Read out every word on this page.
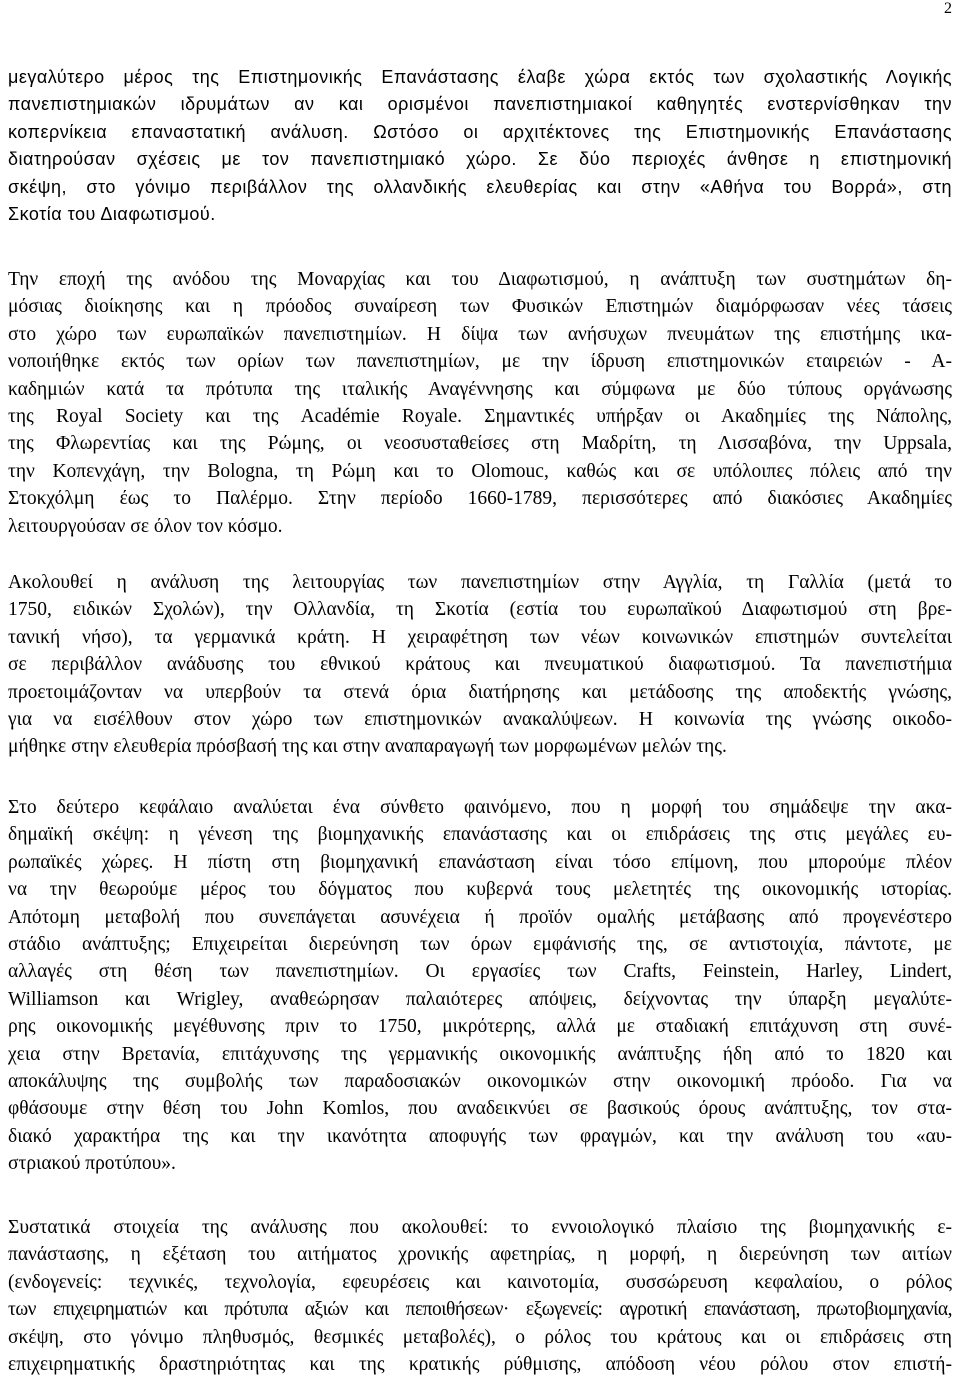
2
μεγαλύτερο μέρος της Επιστημονικής Επανάστασης έλαβε χώρα εκτός των σχολαστικής Λογικής
πανεπιστημιακών ιδρυμάτων αν και ορισμένοι πανεπιστημιακοί καθηγητές ενστερνίσθηκαν την
κοπερνίκεια επαναστατική ανάλυση. Ωστόσο οι αρχιτέκτονες της Επιστημονικής Επανάστασης
διατηρούσαν σχέσεις με τον πανεπιστημιακό χώρο. Σε δύο περιοχές άνθησε η επιστημονική
σκέψη, στο γόνιμο περιβάλλον της ολλανδικής ελευθερίας και στην «Αθήνα του Βορρά», στη
Σκοτία του Διαφωτισμού.
Την εποχή της ανόδου της Μοναρχίας και του Διαφωτισμού, η ανάπτυξη των συστημάτων δη-
μόσιας διοίκησης και η πρόοδος συναίρεση των Φυσικών Επιστημών διαμόρφωσαν νέες τάσεις
στο χώρο των ευρωπαϊκών πανεπιστημίων. Η δίψα των ανήσυχων πνευμάτων της επιστήμης ικα-
νοποιήθηκε εκτός των ορίων των πανεπιστημίων, με την ίδρυση επιστημονικών εταιρειών - Α-
καδημιών κατά τα πρότυπα της ιταλικής Αναγέννησης και σύμφωνα με δύο τύπους οργάνωσης
της Royal Society και της Académie Royale. Σημαντικές υπήρξαν οι Ακαδημίες της Νάπολης,
της Φλωρεντίας και της Ρώμης, οι νεοσυσταθείσες στη Μαδρίτη, τη Λισσαβόνα, την Uppsala,
την Κοπενχάγη, την Bologna, τη Ρώμη και το Olomouc, καθώς και σε υπόλοιπες πόλεις από την
Στοκχόλμη έως το Παλέρμο. Στην περίοδο 1660-1789, περισσότερες από διακόσιες Ακαδημίες
λειτουργούσαν σε όλον τον κόσμο.
Ακολουθεί η ανάλυση της λειτουργίας των πανεπιστημίων στην Αγγλία, τη Γαλλία (μετά το
1750, ειδικών Σχολών), την Ολλανδία, τη Σκοτία (εστία του ευρωπαϊκού Διαφωτισμού στη βρε-
τανική νήσο), τα γερμανικά κράτη. Η χειραφέτηση των νέων κοινωνικών επιστημών συντελείται
σε περιβάλλον ανάδυσης του εθνικού κράτους και πνευματικού διαφωτισμού. Τα πανεπιστήμια
προετοιμάζονταν να υπερβούν τα στενά όρια διατήρησης και μετάδοσης της αποδεκτής γνώσης,
για να εισέλθουν στον χώρο των επιστημονικών ανακαλύψεων. Η κοινωνία της γνώσης οικοδο-
μήθηκε στην ελευθερία πρόσβασή της και στην αναπαραγωγή των μορφωμένων μελών της.
Στο δεύτερο κεφάλαιο αναλύεται ένα σύνθετο φαινόμενο, που η μορφή του σημάδεψε την ακα-
δημαϊκή σκέψη: η γένεση της βιομηχανικής επανάστασης και οι επιδράσεις της στις μεγάλες ευ-
ρωπαϊκές χώρες. Η πίστη στη βιομηχανική επανάσταση είναι τόσο επίμονη, που μπορούμε πλέον
να την θεωρούμε μέρος του δόγματος που κυβερνά τους μελετητές της οικονομικής ιστορίας.
Απότομη μεταβολή που συνεπάγεται ασυνέχεια ή προϊόν ομαλής μετάβασης από προγενέστερο
στάδιο ανάπτυξης; Επιχειρείται διερεύνηση των όρων εμφάνισής της, σε αντιστοιχία, πάντοτε, με
αλλαγές στη θέση των πανεπιστημίων. Οι εργασίες των Crafts, Feinstein, Harley, Lindert,
Williamson και Wrigley, αναθεώρησαν παλαιότερες απόψεις, δείχνοντας την ύπαρξη μεγαλύτε-
ρης οικονομικής μεγέθυνσης πριν το 1750, μικρότερης, αλλά με σταδιακή επιτάχυνση στη συνέ-
χεια στην Βρετανία, επιτάχυνσης της γερμανικής οικονομικής ανάπτυξης ήδη από το 1820 και
αποκάλυψης της συμβολής των παραδοσιακών οικονομικών στην οικονομική πρόοδο. Για να
φθάσουμε στην θέση του John Komlos, που αναδεικνύει σε βασικούς όρους ανάπτυξης, τον στα-
διακό χαρακτήρα της και την ικανότητα αποφυγής των φραγμών, και την ανάλυση του «αυ-
στριακού προτύπου».
Συστατικά στοιχεία της ανάλυσης που ακολουθεί: το εννοιολογικό πλαίσιο της βιομηχανικής ε-
πανάστασης, η εξέταση του αιτήματος χρονικής αφετηρίας, η μορφή, η διερεύνηση των αιτίων
(ενδογενείς: τεχνικές, τεχνολογία, εφευρέσεις και καινοτομία, συσσώρευση κεφαλαίου, ο ρόλος
των επιχειρηματιών και πρότυπα αξιών και πεποιθήσεων· εξωγενείς: αγροτική επανάσταση, πρωτοβιομηχανία,
σκέψη, στο γόνιμο πληθυσμός, θεσμικές μεταβολές), ο ρόλος του κράτους και οι επιδράσεις στη
επιχειρηματικής δραστηριότητας και της κρατικής ρύθμισης, απόδοση νέου ρόλου στον επιστή-
